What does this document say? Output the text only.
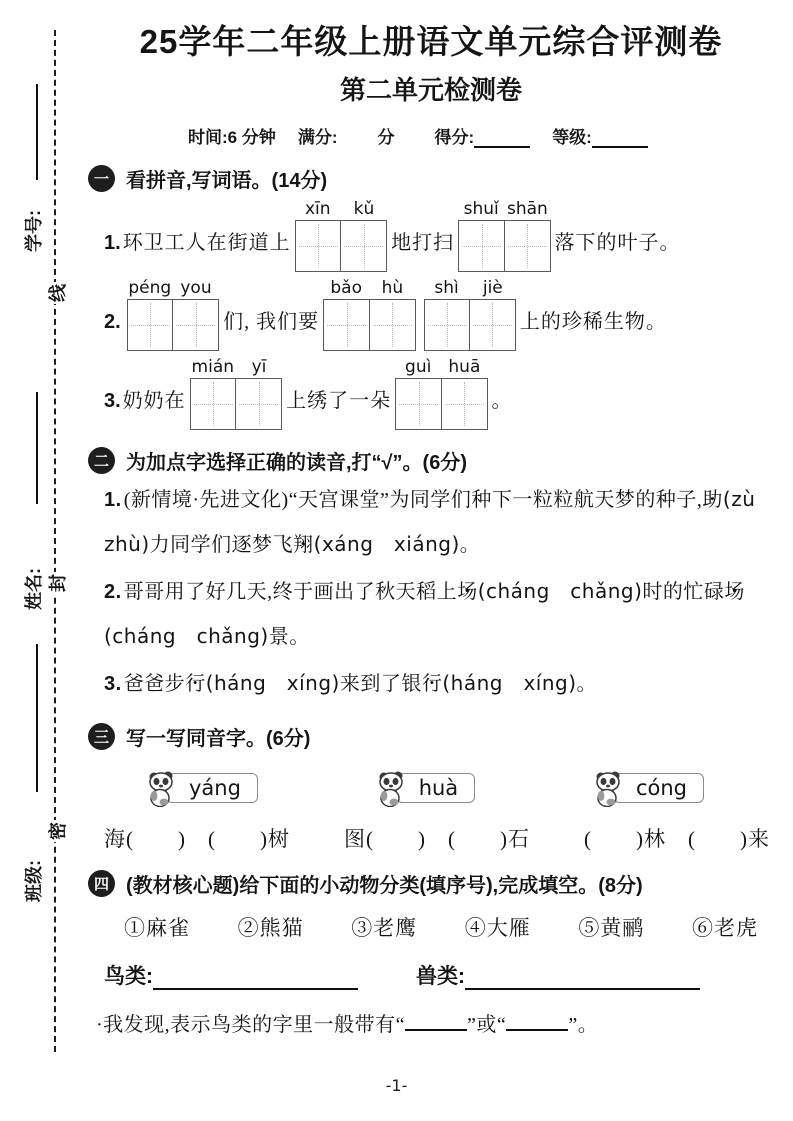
学号:
线
姓名: 封
班级:
密
25学年二年级上册语文单元综合评测卷
第二单元检测卷
时间:6 分钟 满分: 分 得分:	等级:
一 看拼音,写词语。(14分)
1. 环卫工人在街道上
xīn	kǔ
地打扫
shuǐ shān
落下的叶子。
2.
péng you
们, 我们要
bǎo	hù	shì	jiè
上的珍稀生物。
3. 奶奶在
mián	yī
上绣了一朵
guì	huā
。
二 为加点字选择正确的读音,打“√”。(6分)

1. (新情境·先进文化)“天宫课堂”为同学们种下一粒粒航天梦的种子,助 •(zù　zhù)力同学们逐梦飞翔 •(xáng　xiáng)。

2. 哥哥用了好几天,终于画出了秋天稻上场 •(cháng　chǎng)时的忙碌场 •(cháng　chǎng)景。

3. 爸爸步行 •(háng　xíng)来到了银行 •(háng　xíng)。

三 写一写同音字。(6分)
yáng	huà	cóng
海(　　)　(　　)树	图(　　)　(　　)石	(　　)林　(　　)来
四 (教材核心题)给下面的小动物分类(填序号),完成填空。(8分)
①麻雀 ②熊猫 ③老鹰 ④大雁 ⑤黄鹂 ⑥老虎
鸟类:	兽类:
·我发现,表示鸟类的字里一般带有“	”或“	”。
-1-
